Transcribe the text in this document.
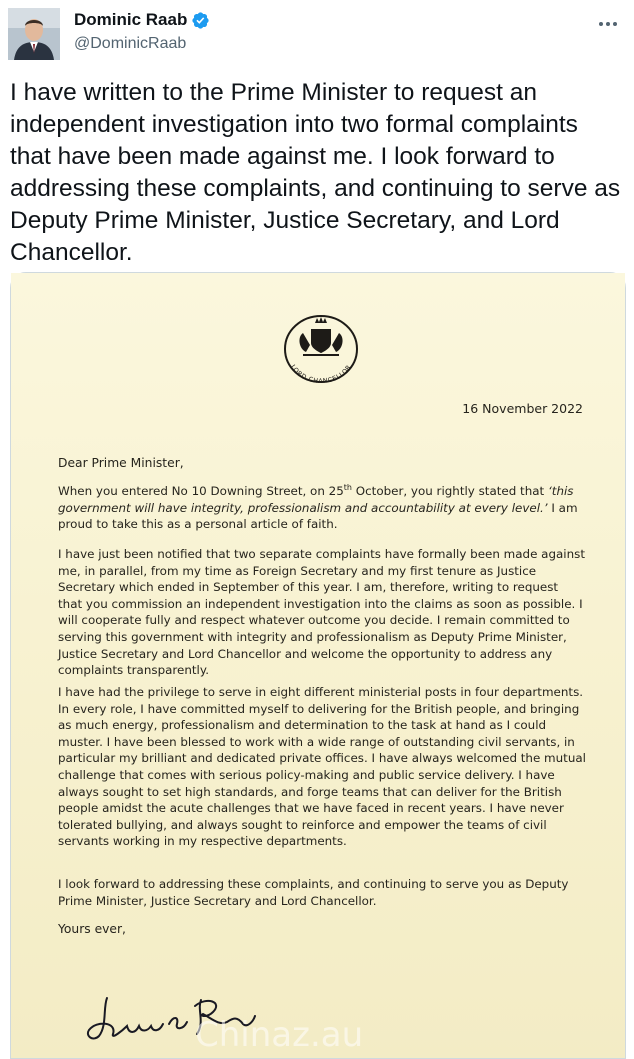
Dominic Raab
@DominicRaab

I have written to the Prime Minister to request an independent investigation into two formal complaints that have been made against me. I look forward to addressing these complaints, and continuing to serve as Deputy Prime Minister, Justice Secretary, and Lord Chancellor.

LORD CHANCELLOR
16 November 2022
Dear Prime Minister,

When you entered No 10 Downing Street, on 25th October, you rightly stated that ‘this government will have integrity, professionalism and accountability at every level.’ I am proud to take this as a personal article of faith.

I have just been notified that two separate complaints have formally been made against me, in parallel, from my time as Foreign Secretary and my first tenure as Justice Secretary which ended in September of this year. I am, therefore, writing to request that you commission an independent investigation into the claims as soon as possible. I will cooperate fully and respect whatever outcome you decide. I remain committed to serving this government with integrity and professionalism as Deputy Prime Minister, Justice Secretary and Lord Chancellor and welcome the opportunity to address any complaints transparently.

I have had the privilege to serve in eight different ministerial posts in four departments. In every role, I have committed myself to delivering for the British people, and bringing as much energy, professionalism and determination to the task at hand as I could muster. I have been blessed to work with a wide range of outstanding civil servants, in particular my brilliant and dedicated private offices. I have always welcomed the mutual challenge that comes with serious policy-making and public service delivery. I have always sought to set high standards, and forge teams that can deliver for the British people amidst the acute challenges that we have faced in recent years. I have never tolerated bullying, and always sought to reinforce and empower the teams of civil servants working in my respective departments.

I look forward to addressing these complaints, and continuing to serve you as Deputy Prime Minister, Justice Secretary and Lord Chancellor.

Yours ever,
Chinaz.au
